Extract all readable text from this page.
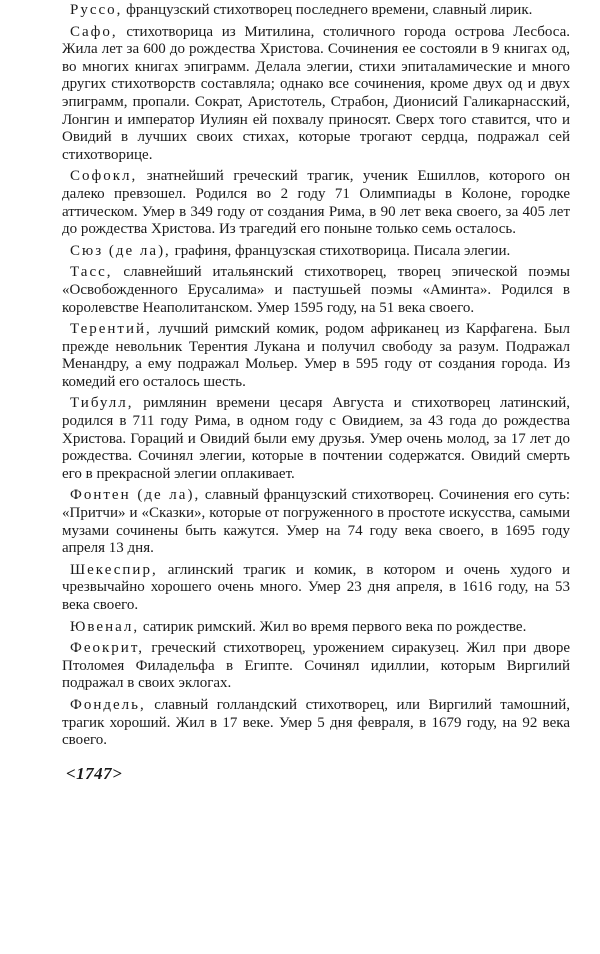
Руссо, французский стихотворец последнего времени, славный лирик.

Сафо, стихотворица из Митилина, столичного города острова Лесбоса. Жила лет за 600 до рождества Христова. Сочинения ее состояли в 9 книгах од, во многих книгах эпиграмм. Делала элегии, стихи эпиталамические и много других стихотворств составляла; однако все сочинения, кроме двух од и двух эпиграмм, пропали. Сократ, Аристотель, Страбон, Дионисий Галикарнасский, Лонгин и император Иулиян ей похвалу приносят. Сверх того ставится, что и Овидий в лучших своих стихах, которые трогают сердца, подражал сей стихотворице.

Софокл, знатнейший греческий трагик, ученик Ешиллов, которого он далеко превзошел. Родился во 2 году 71 Олимпиады в Колоне, городке аттическом. Умер в 349 году от создания Рима, в 90 лет века своего, за 405 лет до рождества Христова. Из трагедий его поныне только семь осталось.

Сюз (де ла), графиня, французская стихотворица. Писала элегии.

Тасс, славнейший итальянский стихотворец, творец эпической поэмы «Освобожденного Ерусалима» и пастушьей поэмы «Аминта». Родился в королевстве Неаполитанском. Умер 1595 году, на 51 века своего.

Терентий, лучший римский комик, родом африканец из Карфагена. Был прежде невольник Терентия Лукана и получил свободу за разум. Подражал Менандру, а ему подражал Мольер. Умер в 595 году от создания города. Из комедий его осталось шесть.

Тибулл, римлянин времени цесаря Августа и стихотворец латинский, родился в 711 году Рима, в одном году с Овидием, за 43 года до рождества Христова. Гораций и Овидий были ему друзья. Умер очень молод, за 17 лет до рождества. Сочинял элегии, которые в почтении содержатся. Овидий смерть его в прекрасной элегии оплакивает.

Фонтен (де ла), славный французский стихотворец. Сочинения его суть: «Притчи» и «Сказки», которые от погруженного в простоте искусства, самыми музами сочинены быть кажутся. Умер на 74 году века своего, в 1695 году апреля 13 дня.

Шекеспир, аглинский трагик и комик, в котором и очень худого и чрезвычайно хорошего очень много. Умер 23 дня апреля, в 1616 году, на 53 века своего.

Ювенал, сатирик римский. Жил во время первого века по рождестве.

Феокрит, греческий стихотворец, урожением сиракузец. Жил при дворе Птоломея Филадельфа в Египте. Сочинял идиллии, которым Виргилий подражал в своих эклогах.

Фондель, славный голландский стихотворец, или Виргилий тамошний, трагик хороший. Жил в 17 веке. Умер 5 дня февраля, в 1679 году, на 92 века своего.

<1747>
